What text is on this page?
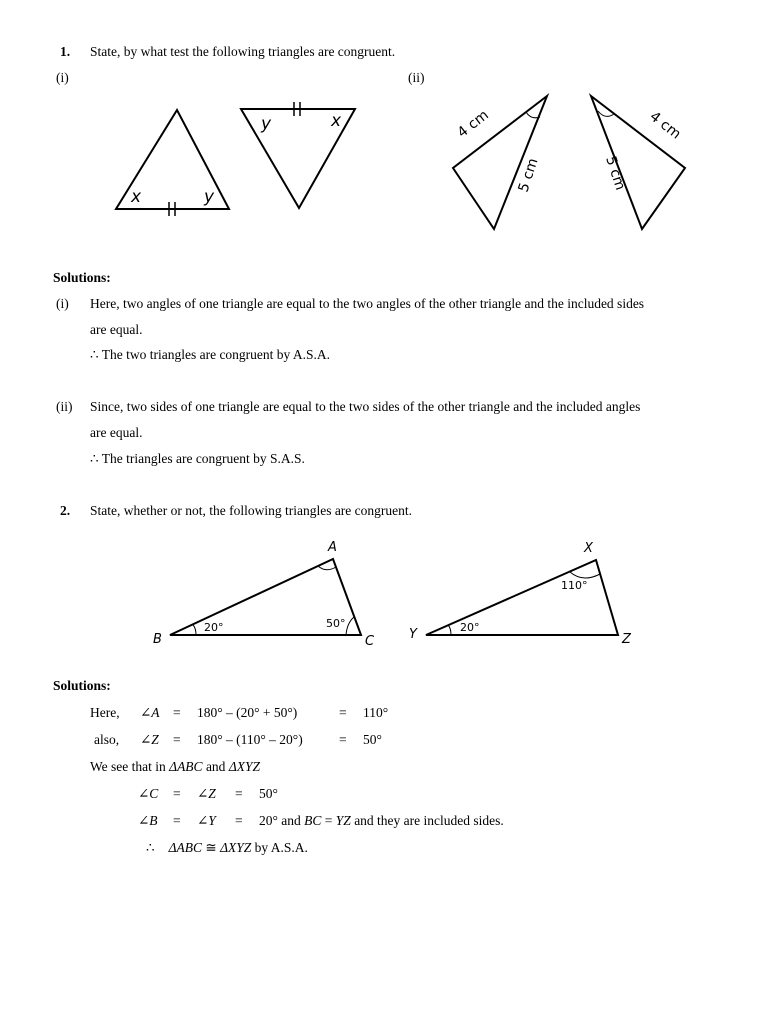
x	y
y	x	4 cm
5 cm
4 cm
5 cm
A
B	C
20°	50°
X
Y	Z
20°
110°
1. State, by what test the following triangles are congruent.
(i)	(ii)
Solutions:
(i) Here, two angles of one triangle are equal to the two angles of the other triangle and the included sides
are equal.
∴ The two triangles are congruent by A.S.A.
(ii) Since, two sides of one triangle are equal to the two sides of the other triangle and the included angles
are equal.
∴ The triangles are congruent by S.A.S.
2. State, whether or not, the following triangles are congruent.
Solutions:
Here, ∠A = 180° – (20° + 50°)	= 110°
also, ∠Z = 180° – (110° – 20°)	= 50°
We see that in ΔABC and ΔXYZ
∠C = ∠Z = 50°
∠B = ∠Y = 20° and BC = YZ and they are included sides.
∴ ΔABC ≅ ΔXYZ by A.S.A.
